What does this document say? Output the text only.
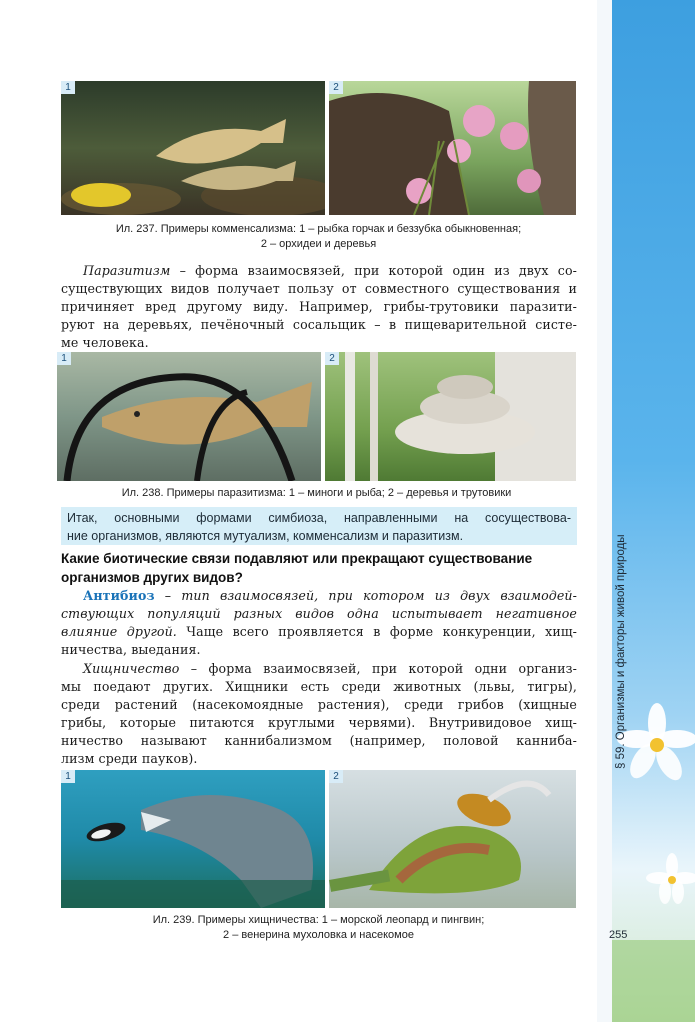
§ 59. Организмы и факторы живой природы
255
1	2
Ил. 237. Примеры комменсализма: 1 – рыбка горчак и беззубка обыкновенная;
2 – орхидеи и деревья
Паразитизм – форма взаимосвязей, при которой один из двух со-
существующих видов получает пользу от совместного существования и
причиняет вред другому виду. Например, грибы-трутовики паразити-
руют на деревьях, печёночный сосальщик – в пищеварительной систе-
ме человека.
1	2
Ил. 238. Примеры паразитизма: 1 – миноги и рыба; 2 – деревья и трутовики
Итак, основными формами симбиоза, направленными на сосуществова-
ние организмов, являются мутуализм, комменсализм и паразитизм.
Какие биотические связи подавляют или прекращают существование
организмов других видов?
Антибиоз – тип взаимосвязей, при котором из двух взаимодей-
ствующих популяций разных видов одна испытывает негативное
влияние другой. Чаще всего проявляется в форме конкуренции, хищ-
ничества, выедания.
Хищничество – форма взаимосвязей, при которой одни организ-
мы поедают других. Хищники есть среди животных (львы, тигры),
среди растений (насекомоядные растения), среди грибов (хищные
грибы, которые питаются круглыми червями). Внутривидовое хищ-
ничество называют каннибализмом (например, половой канниба-
лизм среди пауков).
1	2
Ил. 239. Примеры хищничества: 1 – морской леопард и пингвин;
2 – венерина мухоловка и насекомое
